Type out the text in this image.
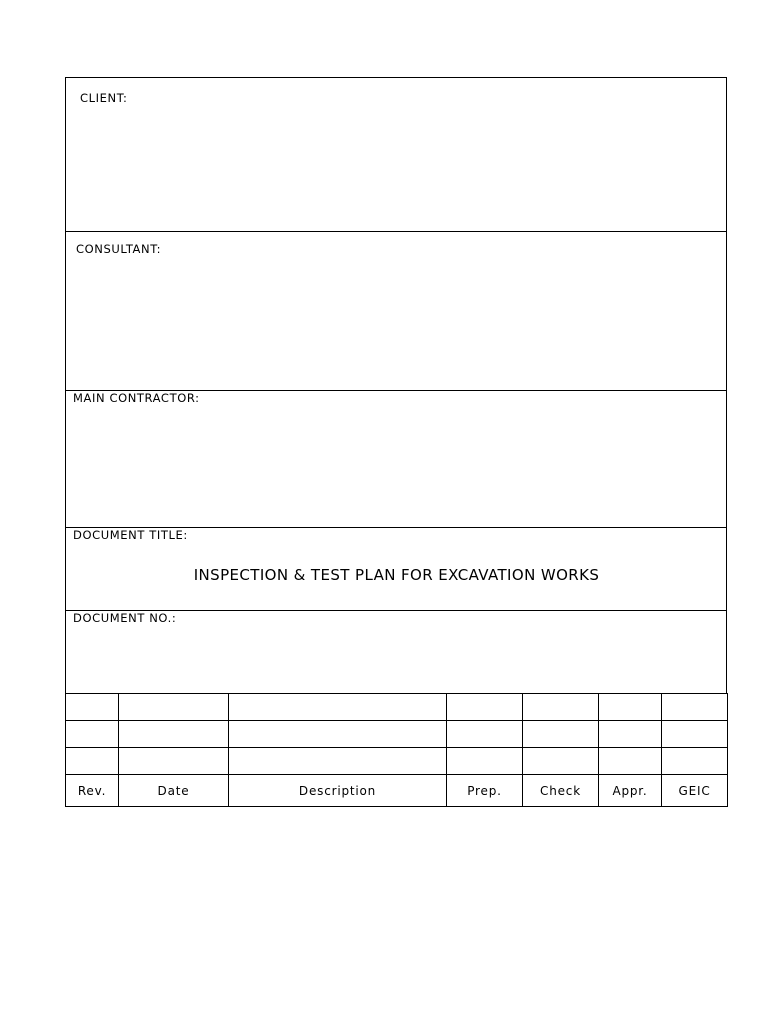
CLIENT:
CONSULTANT:
MAIN CONTRACTOR:
DOCUMENT TITLE:
INSPECTION & TEST PLAN FOR EXCAVATION WORKS
DOCUMENT NO.:

Rev.	Date	Description	Prep.	Check	Appr.	GEIC
